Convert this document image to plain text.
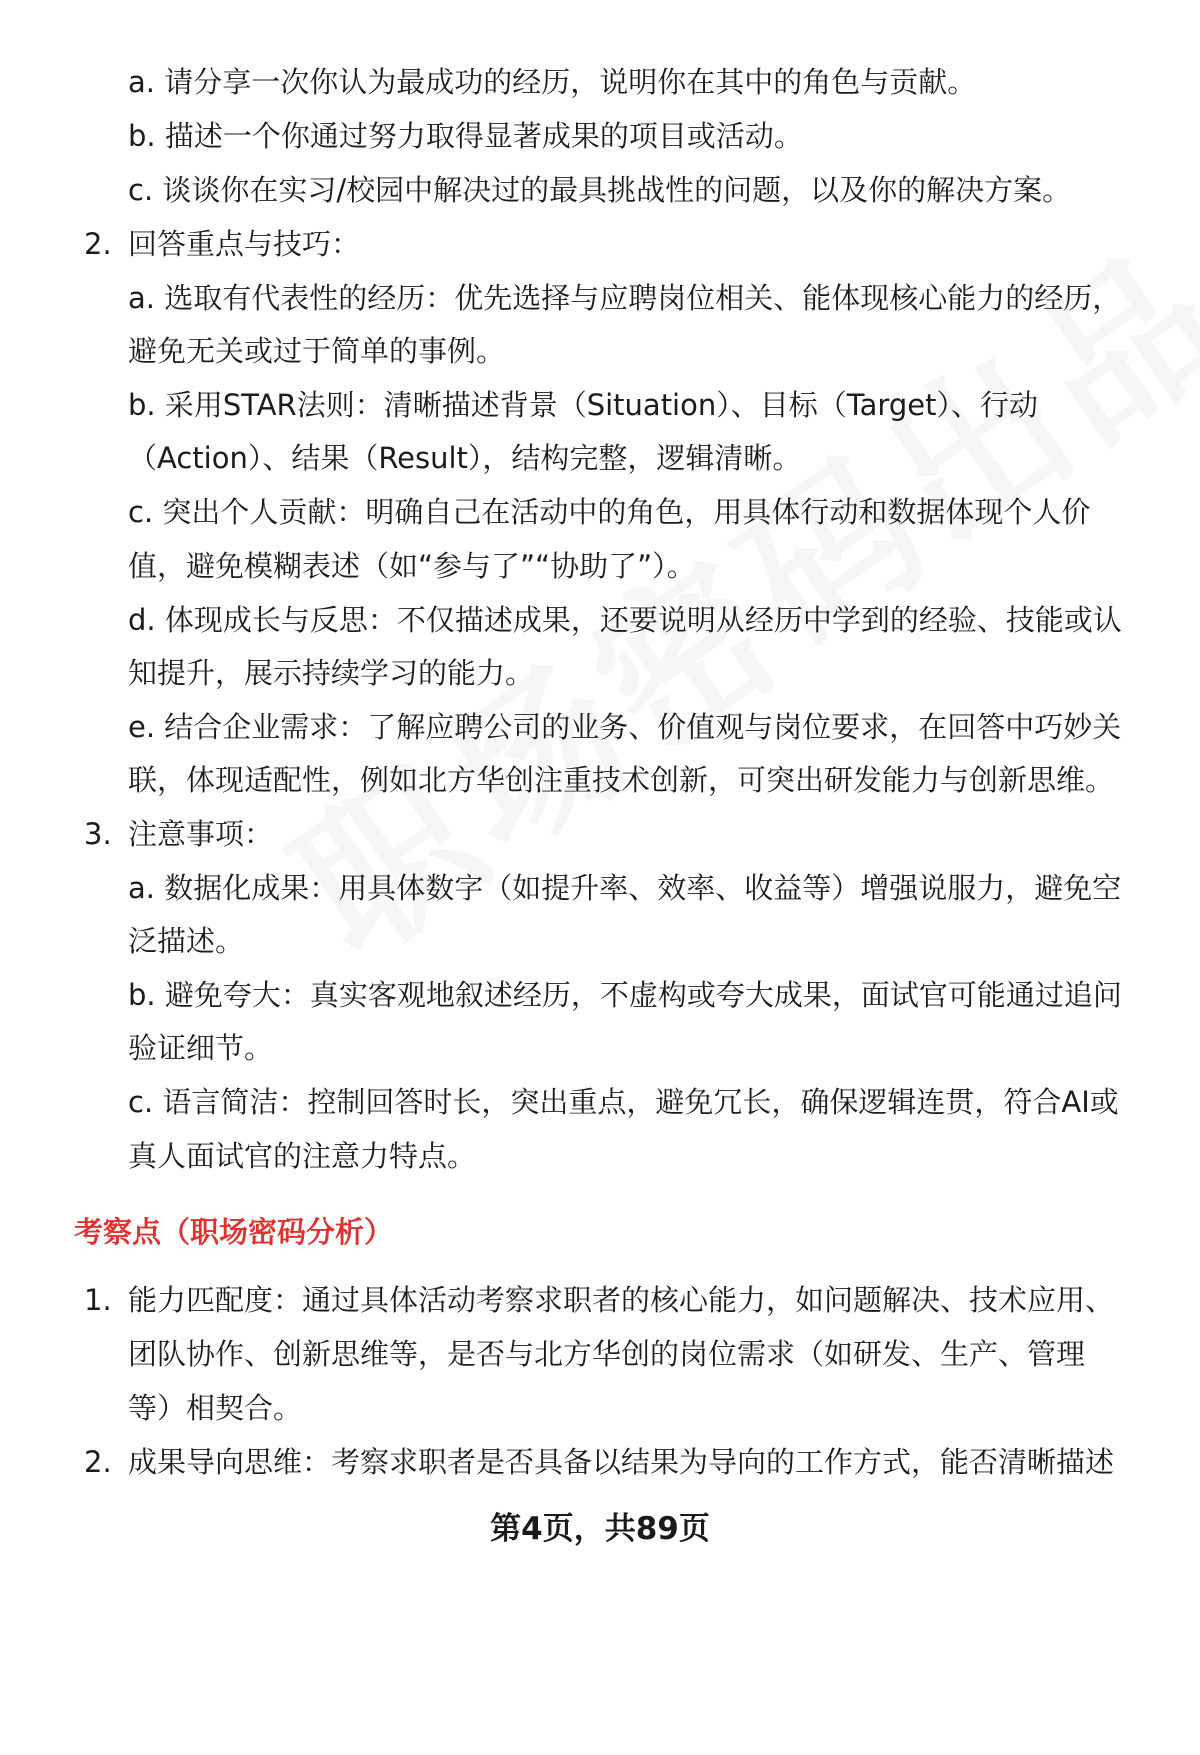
a. 请分享一次你认为最成功的经历，说明你在其中的角色与贡献。
b. 描述一个你通过努力取得显著成果的项目或活动。
c. 谈谈你在实习/校园中解决过的最具挑战性的问题，以及你的解决方案。
2. 回答重点与技巧：
a. 选取有代表性的经历：优先选择与应聘岗位相关、能体现核心能力的经历，
避免无关或过于简单的事例。
b. 采用STAR法则：清晰描述背景（Situation）、目标（Target）、行动
（Action）、结果（Result），结构完整，逻辑清晰。
c. 突出个人贡献：明确自己在活动中的角色，用具体行动和数据体现个人价
值，避免模糊表述（如“参与了”“协助了”）。
d. 体现成长与反思：不仅描述成果，还要说明从经历中学到的经验、技能或认
知提升，展示持续学习的能力。
e. 结合企业需求：了解应聘公司的业务、价值观与岗位要求，在回答中巧妙关
联，体现适配性，例如北方华创注重技术创新，可突出研发能力与创新思维。
3. 注意事项：
a. 数据化成果：用具体数字（如提升率、效率、收益等）增强说服力，避免空
泛描述。
b. 避免夸大：真实客观地叙述经历，不虚构或夸大成果，面试官可能通过追问
验证细节。
c. 语言简洁：控制回答时长，突出重点，避免冗长，确保逻辑连贯，符合AI或
真人面试官的注意力特点。
考察点（职场密码分析）
1. 能力匹配度：通过具体活动考察求职者的核心能力，如问题解决、技术应用、
团队协作、创新思维等，是否与北方华创的岗位需求（如研发、生产、管理
等）相契合。
2. 成果导向思维：考察求职者是否具备以结果为导向的工作方式，能否清晰描述
第4页，共89页
